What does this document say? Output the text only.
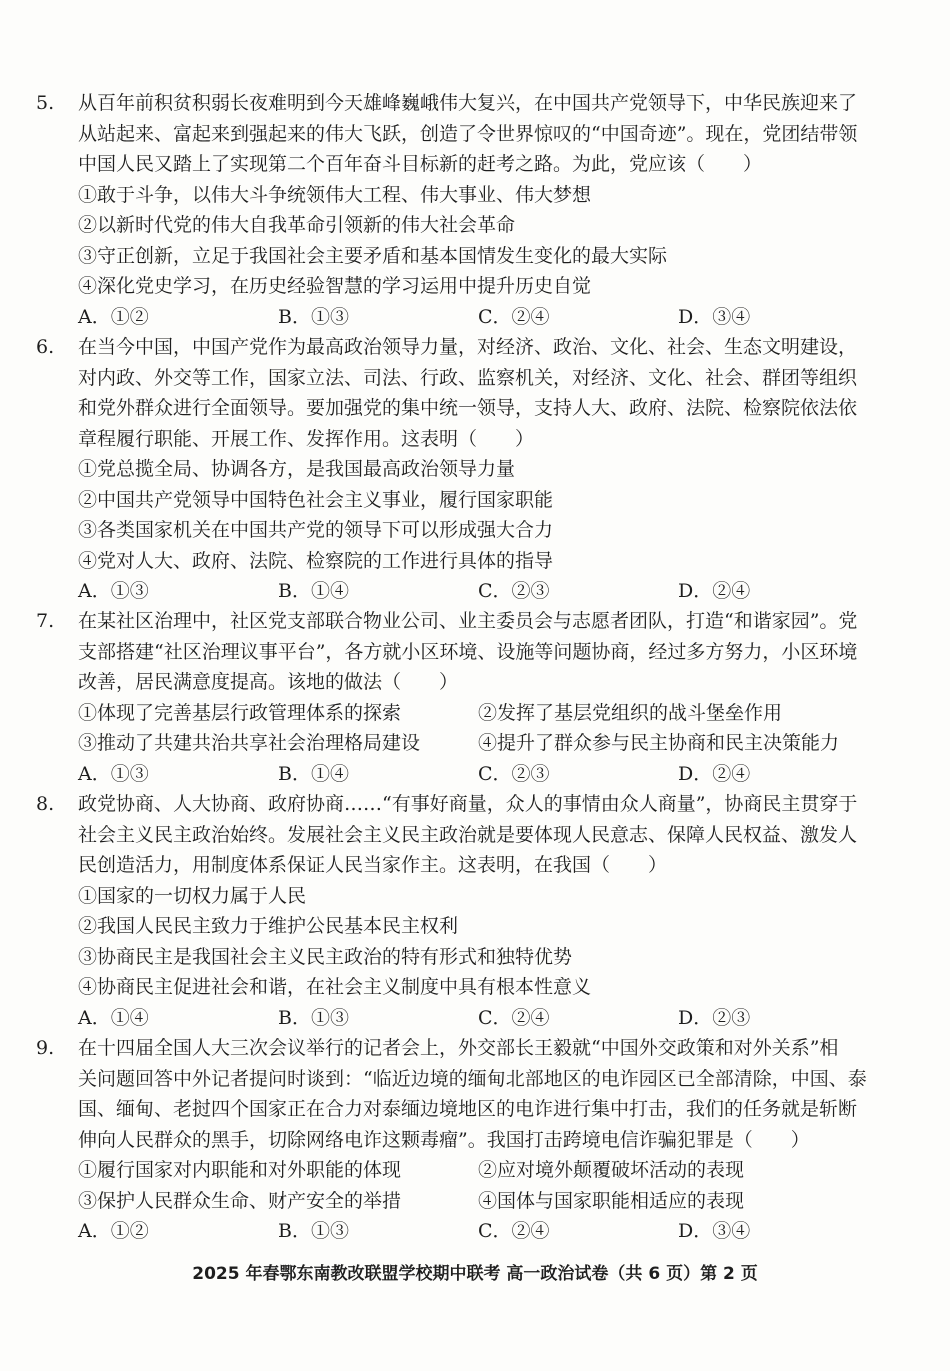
5. 从百年前积贫积弱长夜难明到今天雄峰巍峨伟大复兴，在中国共产党领导下，中华民族迎来了
从站起来、富起来到强起来的伟大飞跃，创造了令世界惊叹的“中国奇迹”。现在，党团结带领
中国人民又踏上了实现第二个百年奋斗目标新的赶考之路。为此，党应该（　　）
①敢于斗争，以伟大斗争统领伟大工程、伟大事业、伟大梦想
②以新时代党的伟大自我革命引领新的伟大社会革命
③守正创新，立足于我国社会主要矛盾和基本国情发生变化的最大实际
④深化党史学习，在历史经验智慧的学习运用中提升历史自觉
A．①②	B．①③	C．②④	D．③④
6. 在当今中国，中国产党作为最高政治领导力量，对经济、政治、文化、社会、生态文明建设，
对内政、外交等工作，国家立法、司法、行政、监察机关，对经济、文化、社会、群团等组织
和党外群众进行全面领导。要加强党的集中统一领导，支持人大、政府、法院、检察院依法依
章程履行职能、开展工作、发挥作用。这表明（　　）
①党总揽全局、协调各方，是我国最高政治领导力量
②中国共产党领导中国特色社会主义事业，履行国家职能
③各类国家机关在中国共产党的领导下可以形成强大合力
④党对人大、政府、法院、检察院的工作进行具体的指导
A．①③	B．①④	C．②③	D．②④
7. 在某社区治理中，社区党支部联合物业公司、业主委员会与志愿者团队，打造“和谐家园”。党
支部搭建“社区治理议事平台”，各方就小区环境、设施等问题协商，经过多方努力，小区环境
改善，居民满意度提高。该地的做法（　　）
①体现了完善基层行政管理体系的探索	②发挥了基层党组织的战斗堡垒作用
③推动了共建共治共享社会治理格局建设	④提升了群众参与民主协商和民主决策能力
A．①③	B．①④	C．②③	D．②④
8. 政党协商、人大协商、政府协商……“有事好商量，众人的事情由众人商量”，协商民主贯穿于
社会主义民主政治始终。发展社会主义民主政治就是要体现人民意志、保障人民权益、激发人
民创造活力，用制度体系保证人民当家作主。这表明，在我国（　　）
①国家的一切权力属于人民
②我国人民民主致力于维护公民基本民主权利
③协商民主是我国社会主义民主政治的特有形式和独特优势
④协商民主促进社会和谐，在社会主义制度中具有根本性意义
A．①④	B．①③	C．②④	D．②③
9. 在十四届全国人大三次会议举行的记者会上，外交部长王毅就“中国外交政策和对外关系”相
关问题回答中外记者提问时谈到：“临近边境的缅甸北部地区的电诈园区已全部清除，中国、泰
国、缅甸、老挝四个国家正在合力对泰缅边境地区的电诈进行集中打击，我们的任务就是斩断
伸向人民群众的黑手，切除网络电诈这颗毒瘤”。我国打击跨境电信诈骗犯罪是（　　）
①履行国家对内职能和对外职能的体现	②应对境外颠覆破坏活动的表现
③保护人民群众生命、财产安全的举措	④国体与国家职能相适应的表现
A．①②	B．①③	C．②④	D．③④
2025 年春鄂东南教改联盟学校期中联考 高一政治试卷（共 6 页）第 2 页
